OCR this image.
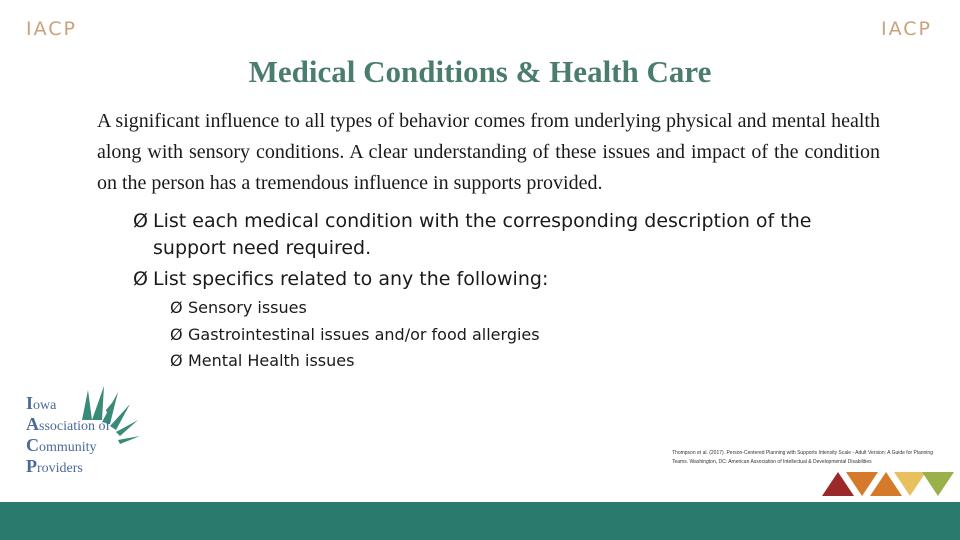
IACP	IACP
Medical Conditions & Health Care
A significant influence to all types of behavior comes from underlying physical and mental health along with sensory conditions. A clear understanding of these issues and impact of the condition on the person has a tremendous influence in supports provided.
Ø List each medical condition with the corresponding description of the support need required.
Ø List specifics related to any the following:
Ø Sensory issues
Ø Gastrointestinal issues and/or food allergies
Ø Mental Health issues
Iowa
Association of
Community
Providers
Thompson et al. (2017). Person-Centered Planning with Supports Intensity Scale - Adult Version: A Guide for Planning Teams. Washington, DC: American Association of Intellectual & Developmental Disabilities
